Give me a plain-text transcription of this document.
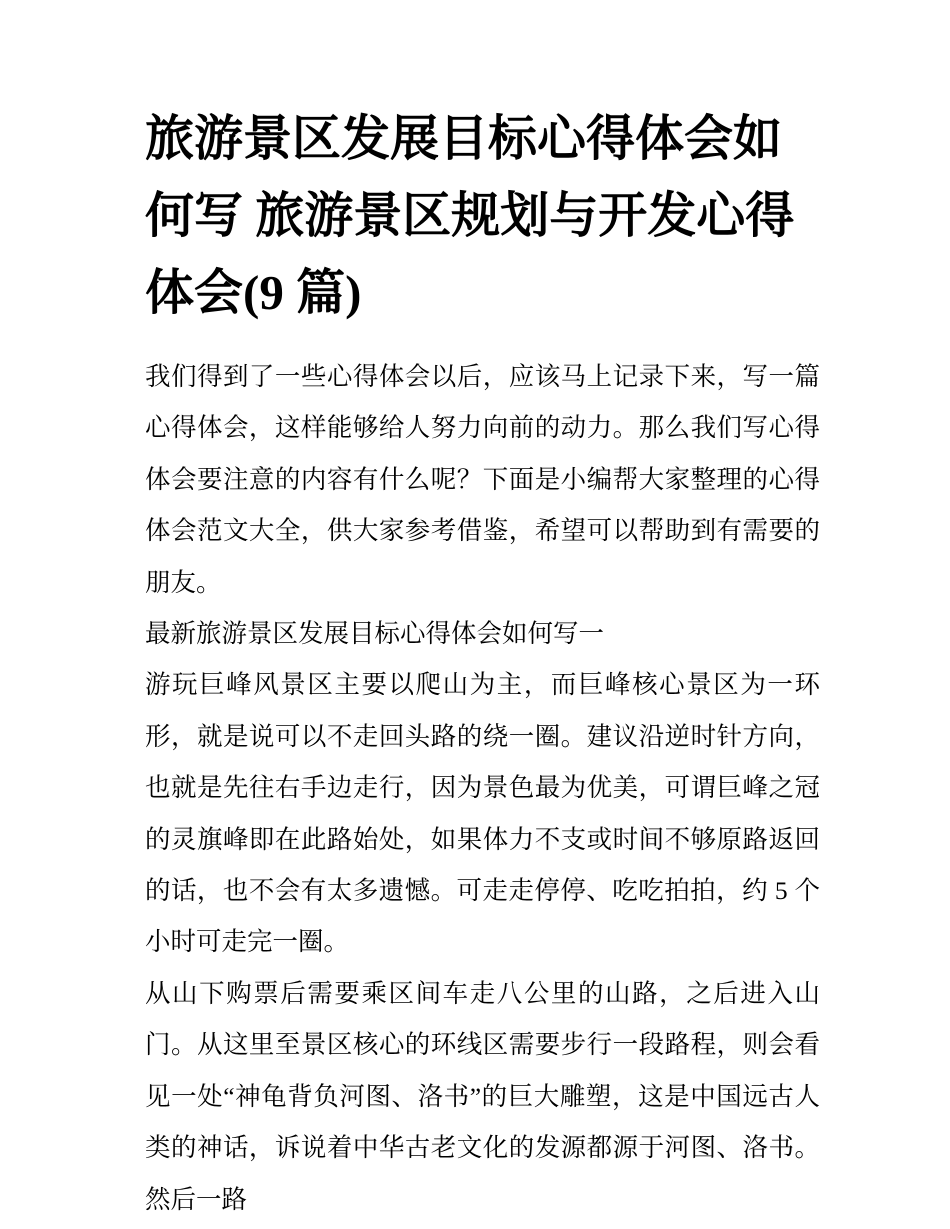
旅游景区发展目标心得体会如何写 旅游景区规划与开发心得体会(9 篇)

我们得到了一些心得体会以后，应该马上记录下来，写一篇心得体会，这样能够给人努力向前的动力。那么我们写心得体会要注意的内容有什么呢？下面是小编帮大家整理的心得体会范文大全，供大家参考借鉴，希望可以帮助到有需要的朋友。

最新旅游景区发展目标心得体会如何写一

游玩巨峰风景区主要以爬山为主，而巨峰核心景区为一环形，就是说可以不走回头路的绕一圈。建议沿逆时针方向，也就是先往右手边走行，因为景色最为优美，可谓巨峰之冠的灵旗峰即在此路始处，如果体力不支或时间不够原路返回的话，也不会有太多遗憾。可走走停停、吃吃拍拍，约 5 个小时可走完一圈。

从山下购票后需要乘区间车走八公里的山路，之后进入山门。从这里至景区核心的环线区需要步行一段路程，则会看见一处“神龟背负河图、洛书”的巨大雕塑，这是中国远古人类的神话，诉说着中华古老文化的发源都源于河图、洛书。然后一路
